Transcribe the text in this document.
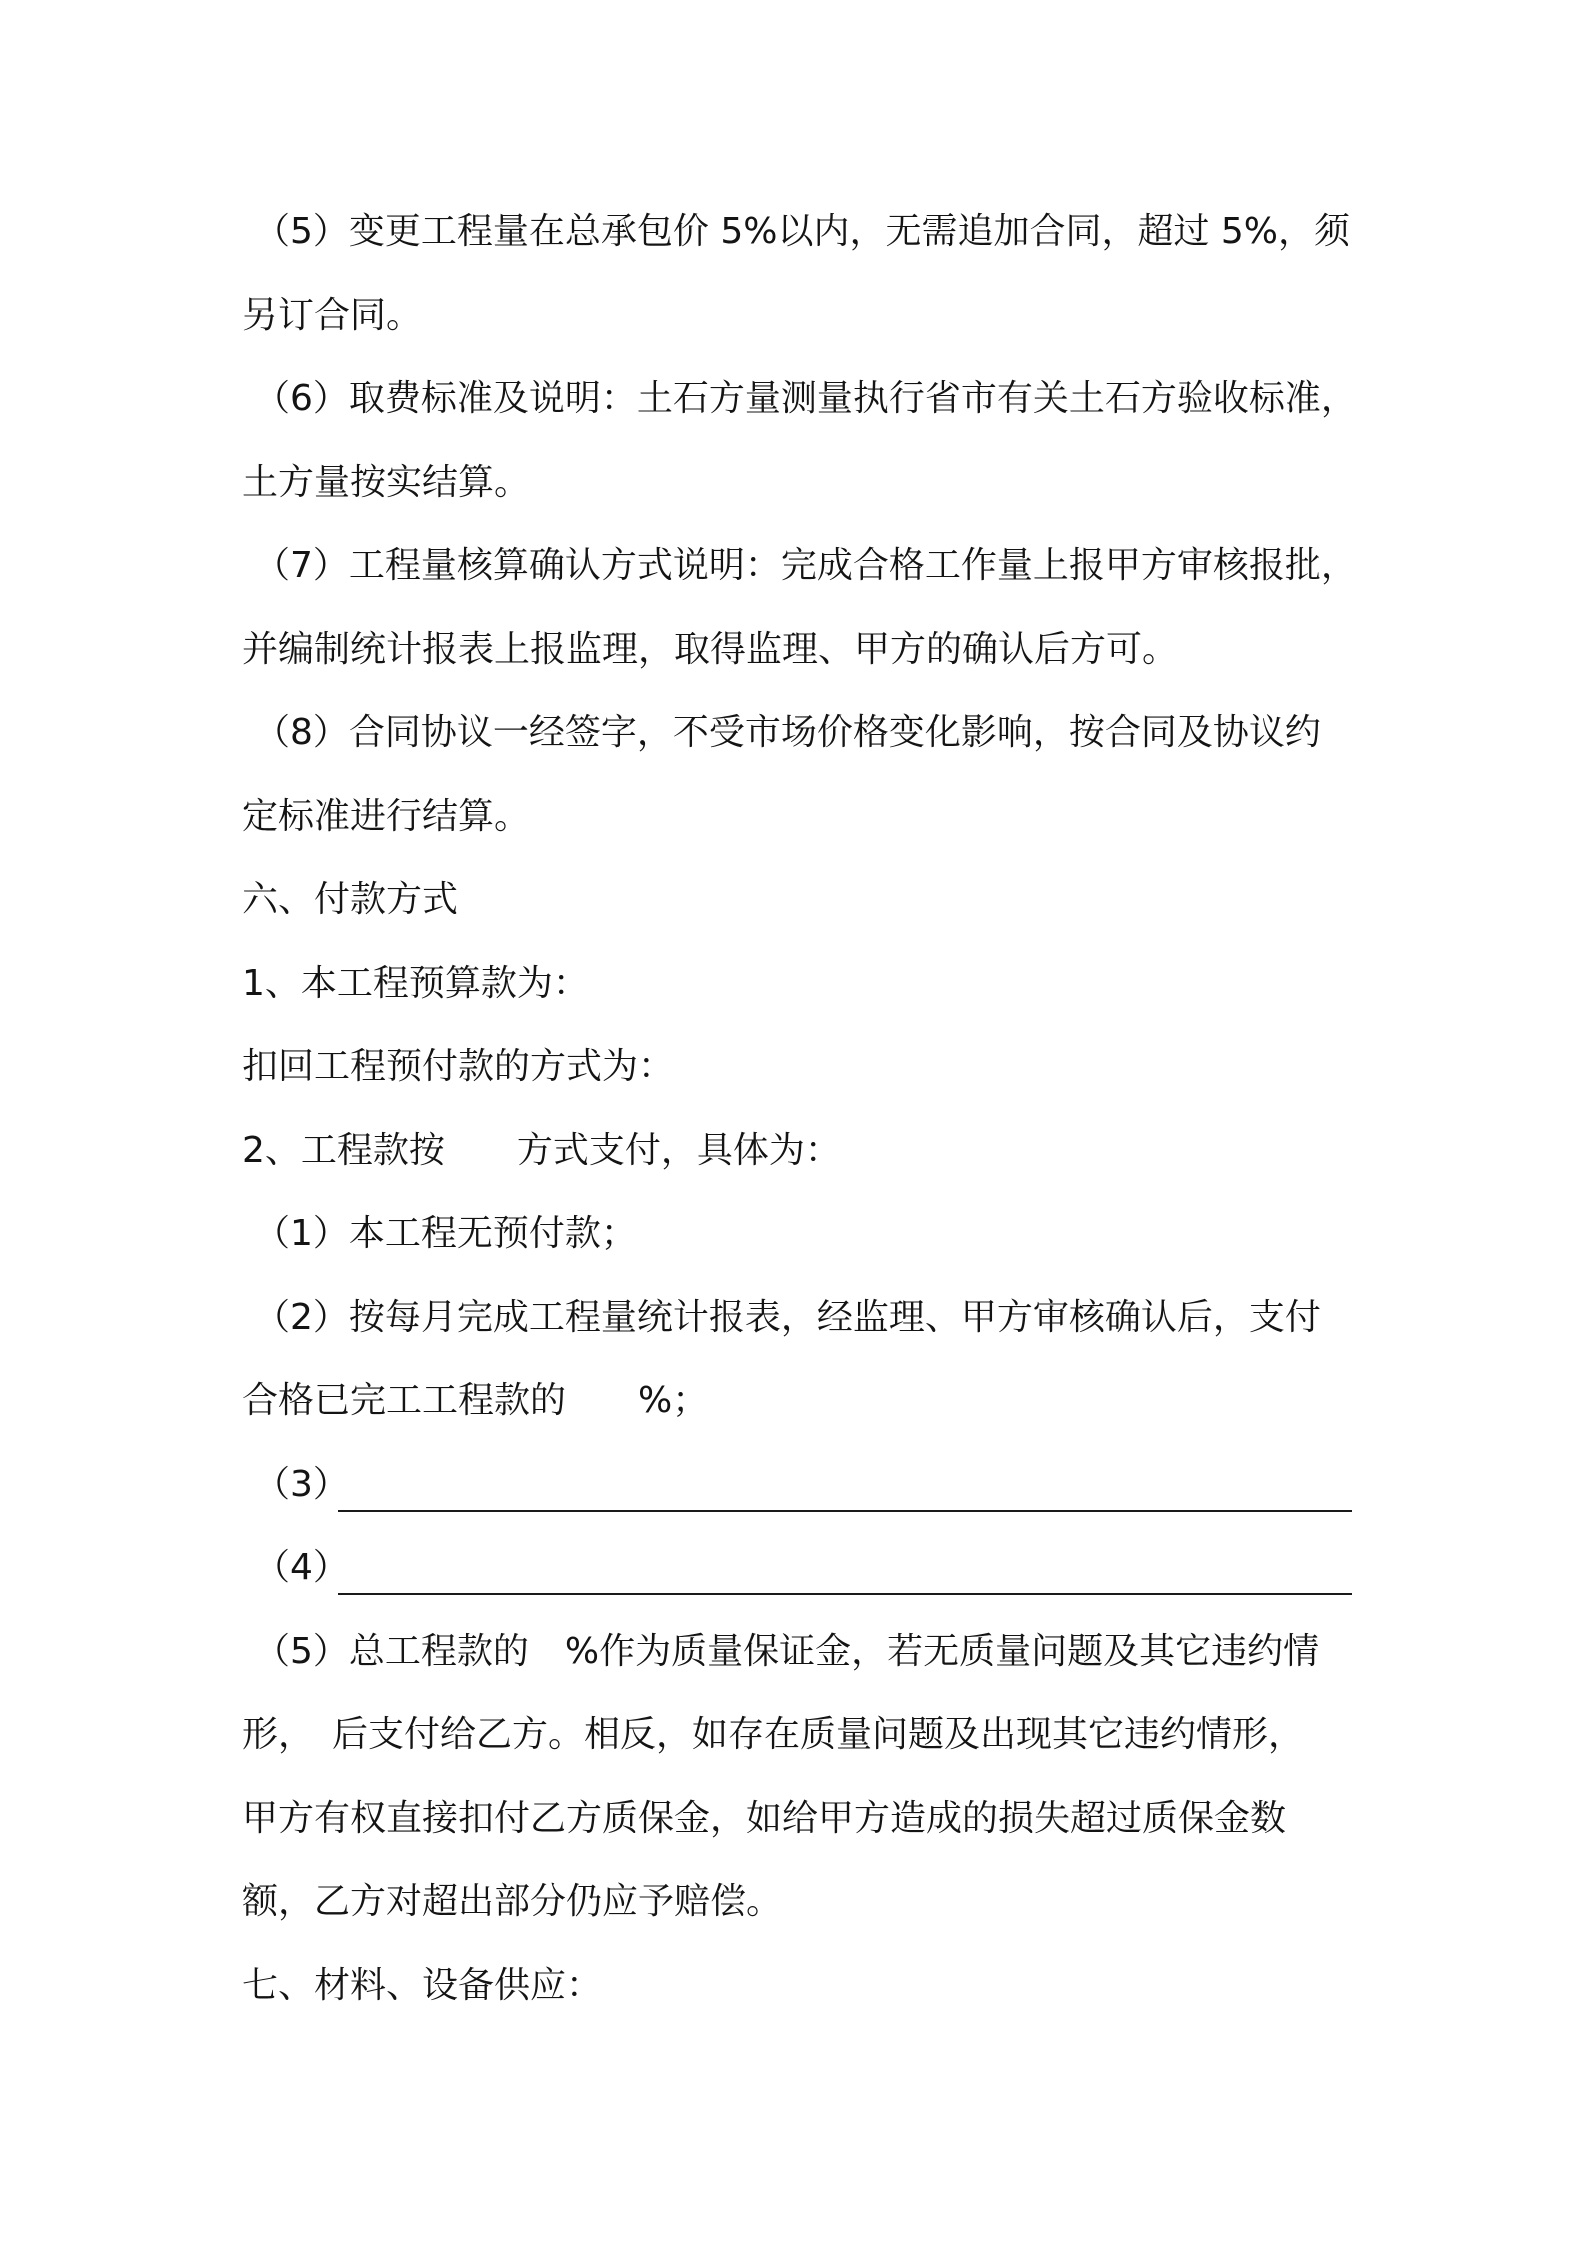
（5）变更工程量在总承包价 5%以内，无需追加合同，超过 5%，须

另订合同。

（6）取费标准及说明：土石方量测量执行省市有关土石方验收标准，

土方量按实结算。

（7）工程量核算确认方式说明：完成合格工作量上报甲方审核报批，

并编制统计报表上报监理，取得监理、甲方的确认后方可。

（8）合同协议一经签字，不受市场价格变化影响，按合同及协议约

定标准进行结算。

六、付款方式

1、本工程预算款为：

扣回工程预付款的方式为：

2、工程款按　　方式支付，具体为：

（1）本工程无预付款；

（2）按每月完成工程量统计报表，经监理、甲方审核确认后，支付

合格已完工工程款的　　%；

（3）

（4）

（5）总工程款的　%作为质量保证金，若无质量问题及其它违约情

形，　后支付给乙方。相反，如存在质量问题及出现其它违约情形，

甲方有权直接扣付乙方质保金，如给甲方造成的损失超过质保金数

额，乙方对超出部分仍应予赔偿。

七、材料、设备供应：
